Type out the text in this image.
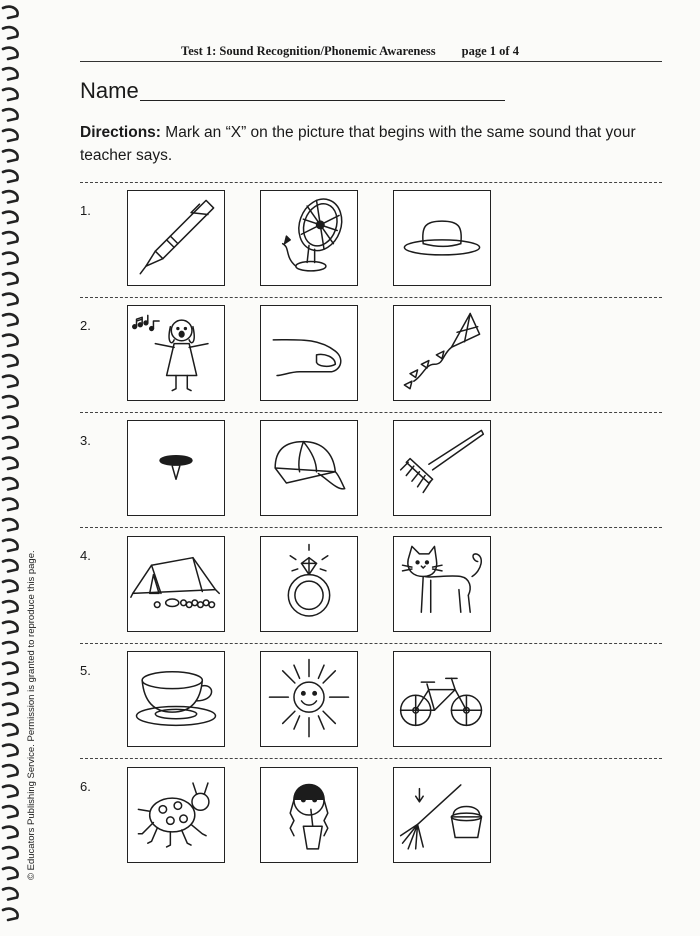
Test 1: Sound Recognition/Phonemic Awareness page 1 of 4
Name
Directions: Mark an “X” on the picture that begins with the same sound that your teacher says.
1.
2.
3.
4.
5.
6.
© Educators Publishing Service. Permission is granted to reproduce this page.
